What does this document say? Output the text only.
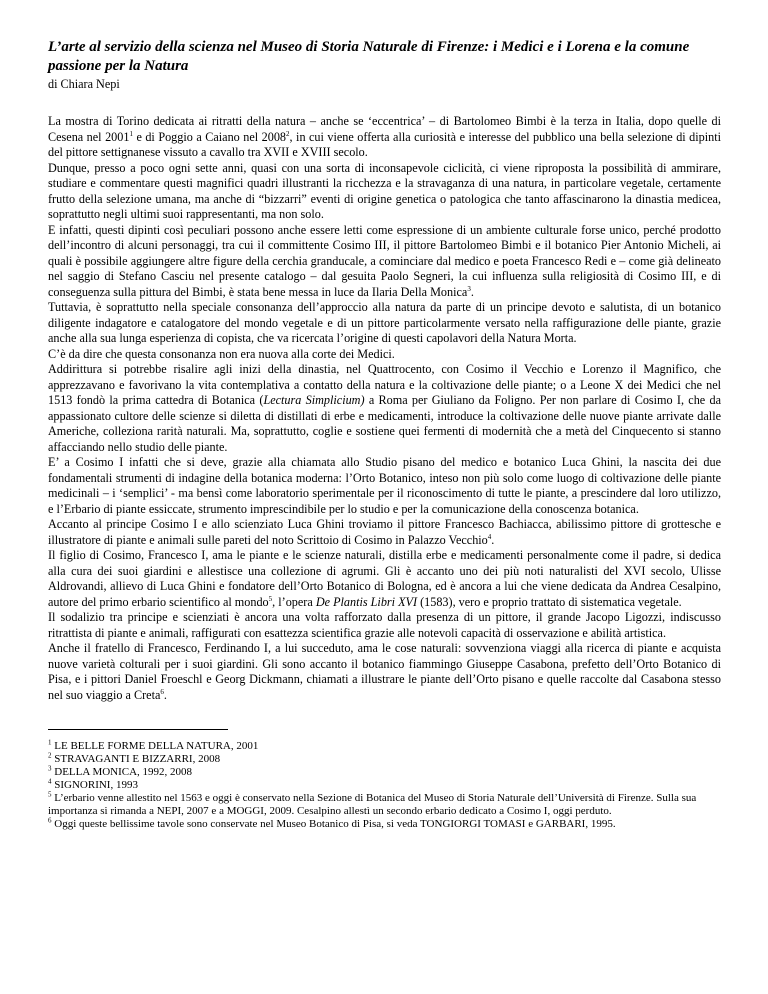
L’arte al servizio della scienza nel Museo di Storia Naturale di Firenze: i Medici e i Lorena e la comune passione per la Natura
di Chiara Nepi

La mostra di Torino dedicata ai ritratti della natura – anche se ‘eccentrica’ – di Bartolomeo Bimbi è la terza in Italia, dopo quelle di Cesena nel 2001$^1$ e di Poggio a Caiano nel 2008$^2$, in cui viene offerta alla curiosità e interesse del pubblico una bella selezione di dipinti del pittore settignanese vissuto a cavallo tra XVII e XVIII secolo.

Dunque, presso a poco ogni sette anni, quasi con una sorta di inconsapevole ciclicità, ci viene riproposta la possibilità di ammirare, studiare e commentare questi magnifici quadri illustranti la ricchezza e la stravaganza di una natura, in particolare vegetale, certamente frutto della selezione umana, ma anche di “bizzarri” eventi di origine genetica o patologica che tanto affascinarono la dinastia medicea, soprattutto negli ultimi suoi rappresentanti, ma non solo.

E infatti, questi dipinti così peculiari possono anche essere letti come espressione di un ambiente culturale forse unico, perché prodotto dell’incontro di alcuni personaggi, tra cui il committente Cosimo III, il pittore Bartolomeo Bimbi e il botanico Pier Antonio Micheli, ai quali è possibile aggiungere altre figure della cerchia granducale, a cominciare dal medico e poeta Francesco Redi e – come già delineato nel saggio di Stefano Casciu nel presente catalogo – dal gesuita Paolo Segneri, la cui influenza sulla religiosità di Cosimo III, e di conseguenza sulla pittura del Bimbi, è stata bene messa in luce da Ilaria Della Monica$^3$.

Tuttavia, è soprattutto nella speciale consonanza dell’approccio alla natura da parte di un principe devoto e salutista, di un botanico diligente indagatore e catalogatore del mondo vegetale e di un pittore particolarmente versato nella raffigurazione delle piante, grazie anche alla sua lunga esperienza di copista, che va ricercata l’origine di questi capolavori della Natura Morta.

C’è da dire che questa consonanza non era nuova alla corte dei Medici.

Addirittura si potrebbe risalire agli inizi della dinastia, nel Quattrocento, con Cosimo il Vecchio e Lorenzo il Magnifico, che apprezzavano e favorivano la vita contemplativa a contatto della natura e la coltivazione delle piante; o a Leone X dei Medici che nel 1513 fondò la prima cattedra di Botanica (Lectura Simplicium) a Roma per Giuliano da Foligno. Per non parlare di Cosimo I, che da appassionato cultore delle scienze si diletta di distillati di erbe e medicamenti, introduce la coltivazione delle nuove piante arrivate dalle Americhe, colleziona rarità naturali. Ma, soprattutto, coglie e sostiene quei fermenti di modernità che a metà del Cinquecento si stanno affacciando nello studio delle piante.

E’ a Cosimo I infatti che si deve, grazie alla chiamata allo Studio pisano del medico e botanico Luca Ghini, la nascita dei due fondamentali strumenti di indagine della botanica moderna: l’Orto Botanico, inteso non più solo come luogo di coltivazione delle piante medicinali – i ‘semplici’ - ma bensì come laboratorio sperimentale per il riconoscimento di tutte le piante, a prescindere dal loro utilizzo, e l’Erbario di piante essiccate, strumento imprescindibile per lo studio e per la comunicazione della conoscenza botanica.

Accanto al principe Cosimo I e allo scienziato Luca Ghini troviamo il pittore Francesco Bachiacca, abilissimo pittore di grottesche e illustratore di piante e animali sulle pareti del noto Scrittoio di Cosimo in Palazzo Vecchio$^4$.

Il figlio di Cosimo, Francesco I, ama le piante e le scienze naturali, distilla erbe e medicamenti personalmente come il padre, si dedica alla cura dei suoi giardini e allestisce una collezione di agrumi. Gli è accanto uno dei più noti naturalisti del XVI secolo, Ulisse Aldrovandi, allievo di Luca Ghini e fondatore dell’Orto Botanico di Bologna, ed è ancora a lui che viene dedicata da Andrea Cesalpino, autore del primo erbario scientifico al mondo$^5$, l’opera De Plantis Libri XVI (1583), vero e proprio trattato di sistematica vegetale.

Il sodalizio tra principe e scienziati è ancora una volta rafforzato dalla presenza di un pittore, il grande Jacopo Ligozzi, indiscusso ritrattista di piante e animali, raffigurati con esattezza scientifica grazie alle notevoli capacità di osservazione e abilità artistica.

Anche il fratello di Francesco, Ferdinando I, a lui succeduto, ama le cose naturali: sovvenziona viaggi alla ricerca di piante e acquista nuove varietà colturali per i suoi giardini. Gli sono accanto il botanico fiammingo Giuseppe Casabona, prefetto dell’Orto Botanico di Pisa, e i pittori Daniel Froeschl e Georg Dickmann, chiamati a illustrare le piante dell’Orto pisano e quelle raccolte dal Casabona stesso nel suo viaggio a Creta$^6$.

$^1$ LE BELLE FORME DELLA NATURA, 2001
$^2$ STRAVAGANTI E BIZZARRI, 2008
$^3$ DELLA MONICA, 1992, 2008
$^4$ SIGNORINI, 1993
$^5$ L’erbario venne allestito nel 1563 e oggi è conservato nella Sezione di Botanica del Museo di Storia Naturale dell’Università di Firenze. Sulla sua importanza si rimanda a NEPI, 2007 e a MOGGI, 2009. Cesalpino allestì un secondo erbario dedicato a Cosimo I, oggi perduto.
$^6$ Oggi queste bellissime tavole sono conservate nel Museo Botanico di Pisa, si veda TONGIORGI TOMASI e GARBARI, 1995.
